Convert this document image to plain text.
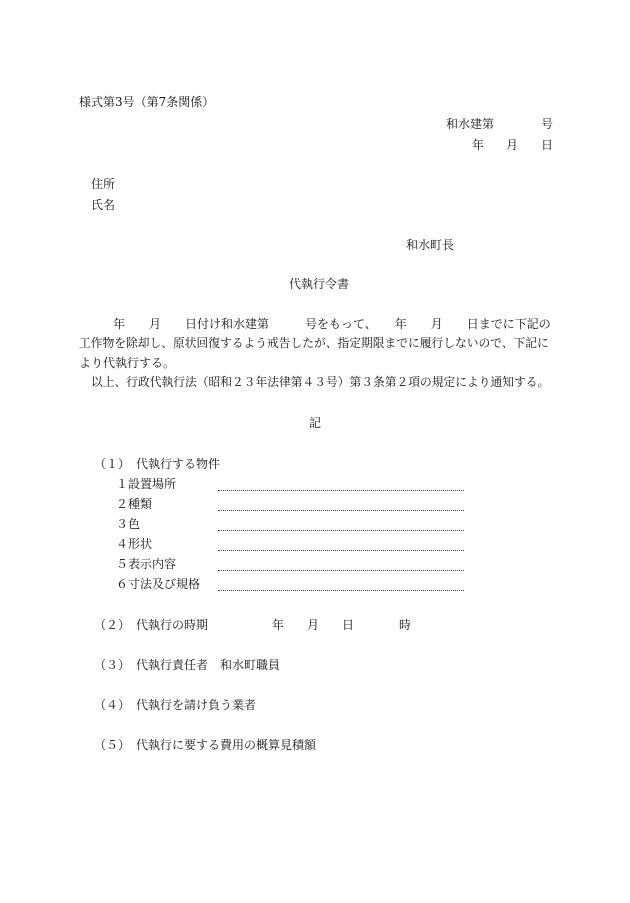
様式第3号（第7条関係）
和水建第	号
年 月 日
住所
氏名
和水町長
代執行令書
年　　月　　日付け和水建第　　　号をもって、　　年　　月　　日までに下記の
工作物を除却し、原状回復するよう戒告したが、指定期限までに履行しないので、下記に
より代執行する。
以上、行政代執行法（昭和２３年法律第４３号）第３条第２項の規定により通知する。
記
（１）　代執行する物件
１設置場所
２種類
３色
４形状
５表示内容
６寸法及び規格
（２）　代執行の時期	年 月 日	時
（３）　代執行責任者　和水町職員
（４）　代執行を請け負う業者
（５）　代執行に要する費用の概算見積額
